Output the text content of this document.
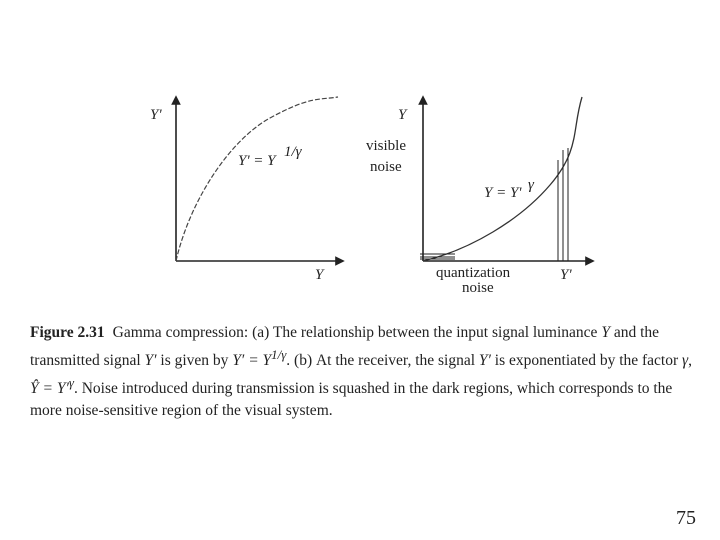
Y'
Y
Y' = Y
1/γ
Y
Y'
visible
noise
Y = Y' γ
quantization
noise
Figure 2.31 Gamma compression: (a) The relationship between the input signal luminance Y and the transmitted signal Y′ is given by $Y' = Y^{1/\gamma}$. (b) At the receiver, the signal Y′ is exponentiated by the factor γ, Ŷ = $Y'^\gamma$. Noise introduced during transmission is squashed in the dark regions, which corresponds to the more noise-sensitive region of the visual system.
75
